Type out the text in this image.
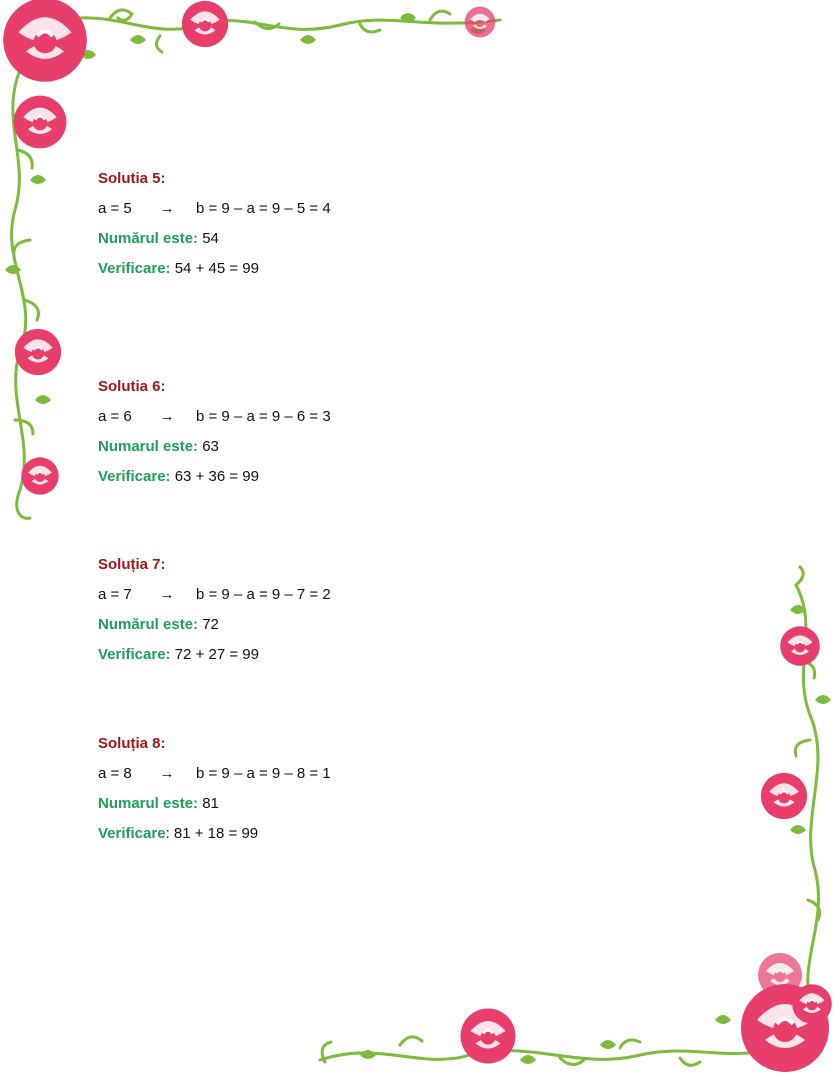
Solutia 5:
a = 5 → b = 9 – a = 9 – 5 = 4
Numărul este: 54
Verificare: 54 + 45 = 99
Solutia 6:
a = 6 → b = 9 – a = 9 – 6 = 3
Numarul este: 63
Verificare: 63 + 36 = 99
Soluția 7:
a = 7 → b = 9 – a = 9 – 7 = 2
Numărul este: 72
Verificare: 72 + 27 = 99
Soluția 8:
a = 8 → b = 9 – a = 9 – 8 = 1
Numarul este: 81
Verificare: 81 + 18 = 99
